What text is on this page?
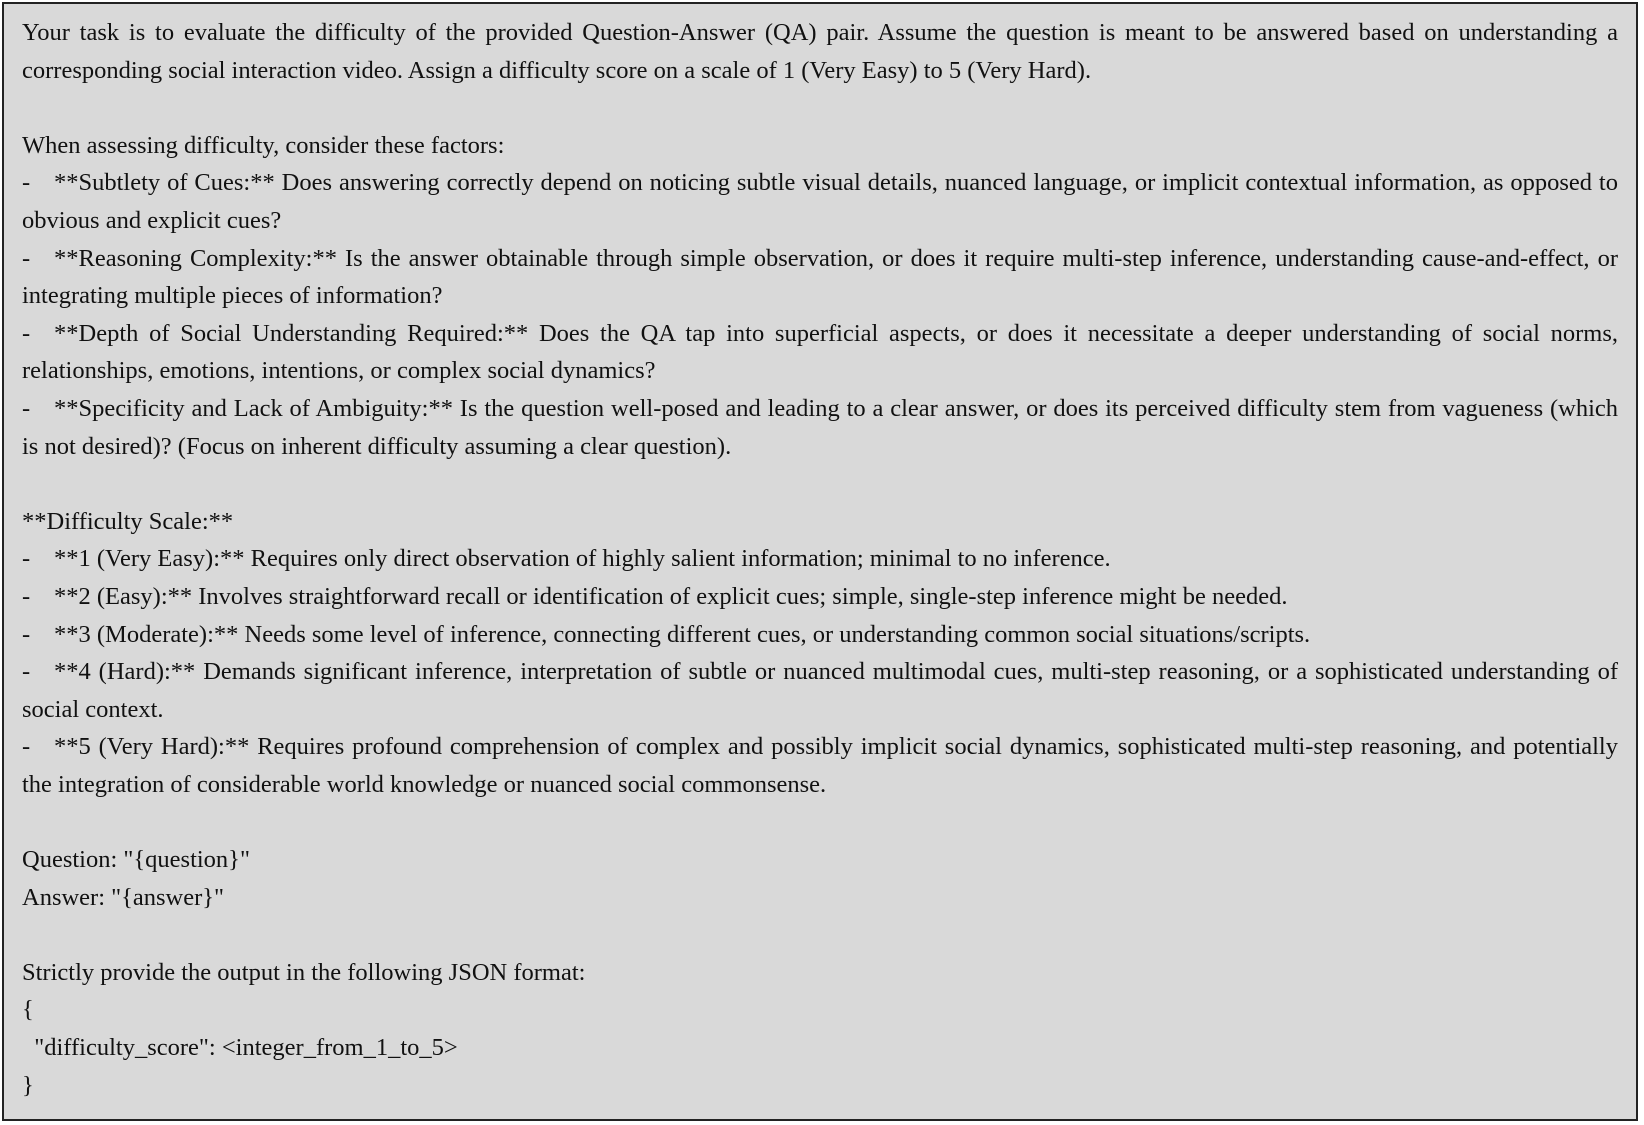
Your task is to evaluate the difficulty of the provided Question-Answer (QA) pair. Assume the question is meant to be answered based on understanding a corresponding social interaction video. Assign a difficulty score on a scale of 1 (Very Easy) to 5 (Very Hard).

When assessing difficulty, consider these factors:

- **Subtlety of Cues:** Does answering correctly depend on noticing subtle visual details, nuanced language, or implicit contextual information, as opposed to obvious and explicit cues?

- **Reasoning Complexity:** Is the answer obtainable through simple observation, or does it require multi-step inference, understanding cause-and-effect, or integrating multiple pieces of information?

- **Depth of Social Understanding Required:** Does the QA tap into superficial aspects, or does it necessitate a deeper understanding of social norms, relationships, emotions, intentions, or complex social dynamics?

- **Specificity and Lack of Ambiguity:** Is the question well-posed and leading to a clear answer, or does its perceived difficulty stem from vagueness (which is not desired)? (Focus on inherent difficulty assuming a clear question).

**Difficulty Scale:**

- **1 (Very Easy):** Requires only direct observation of highly salient information; minimal to no inference.

- **2 (Easy):** Involves straightforward recall or identification of explicit cues; simple, single-step inference might be needed.

- **3 (Moderate):** Needs some level of inference, connecting different cues, or understanding common social situations/scripts.

- **4 (Hard):** Demands significant inference, interpretation of subtle or nuanced multimodal cues, multi-step reasoning, or a sophisticated understanding of social context.

- **5 (Very Hard):** Requires profound comprehension of complex and possibly implicit social dynamics, sophisticated multi-step reasoning, and potentially the integration of considerable world knowledge or nuanced social commonsense.

Question: "{question}"

Answer: "{answer}"

Strictly provide the output in the following JSON format:

{

"difficulty_score": <integer_from_1_to_5>

}
